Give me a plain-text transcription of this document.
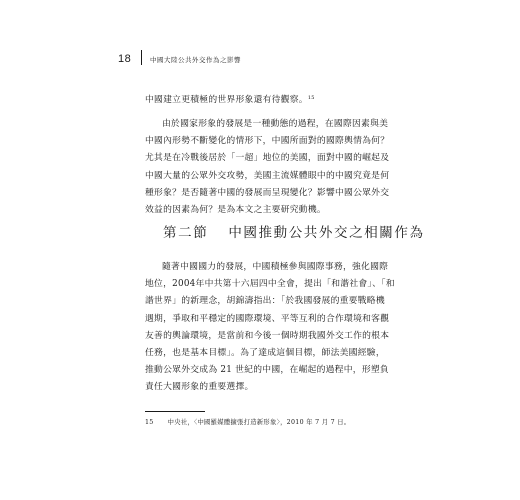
18	中國大陸公共外交作為之影響

中國建立更積極的世界形象還有待觀察。$^{15}$

由於國家形象的發展是一種動態的過程，在國際因素與美

中國內形勢不斷變化的情形下，中國所面對的國際輿情為何？

尤其是在冷戰後居於「一超」地位的美國，面對中國的崛起及

中國大量的公眾外交攻勢，美國主流媒體眼中的中國究竟是何

種形象？是否隨著中國的發展而呈現變化？影響中國公眾外交

效益的因素為何？是為本文之主要研究動機。

第二節 中國推動公共外交之相關作為

隨著中國國力的發展，中國積極參與國際事務，強化國際

地位，2004年中共第十六屆四中全會，提出「和諧社會」、「和

諧世界」的新理念，胡錦濤指出：「於我國發展的重要戰略機

遇期，爭取和平穩定的國際環境、平等互利的合作環境和客觀

友善的輿論環境，是當前和今後一個時期我國外交工作的根本

任務，也是基本目標」。為了達成這個目標，師法美國經驗，

推動公眾外交成為 21 世紀的中國，在崛起的過程中，形塑負

責任大國形象的重要選擇。

15 中央社，〈中國羅媒體擴張打造新形象〉，2010 年 7 月 7 日。
